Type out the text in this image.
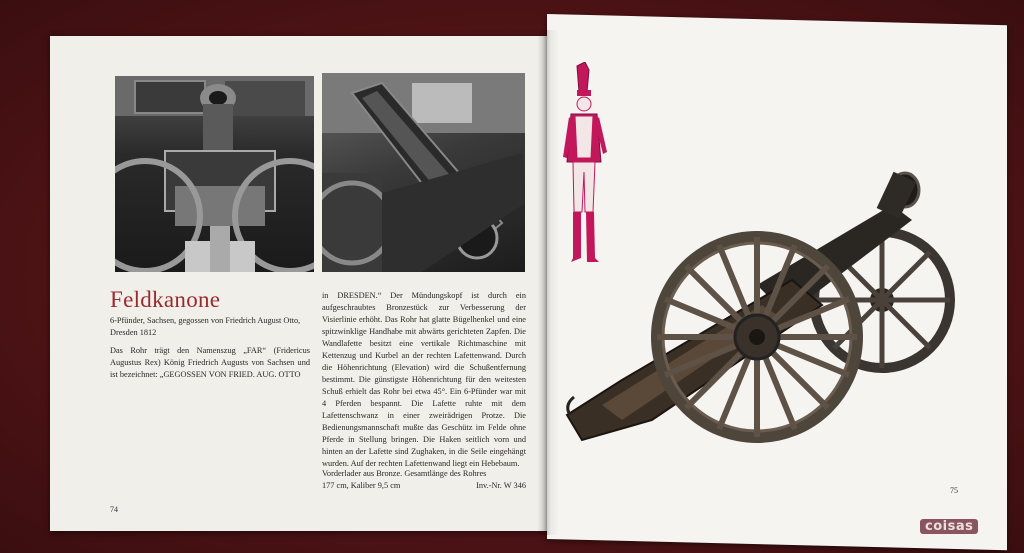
Feldkanone
6-Pfünder, Sachsen, gegossen von Friedrich August Otto, Dresden 1812
Das Rohr trägt den Namenszug „FAR“ (Fridericus Augustus Rex) König Friedrich Augusts von Sachsen und ist bezeichnet: „GEGOSSEN VON FRIED. AUG. OTTO
in DRESDEN.“ Der Mündungskopf ist durch ein aufgeschraubtes Bronzestück zur Verbesserung der Visierlinie erhöht. Das Rohr hat glatte Bügelhenkel und eine spitzwinklige Handhabe mit abwärts gerichteten Zapfen. Die Wandlafette besitzt eine vertikale Richtmaschine mit Kettenzug und Kurbel an der rechten Lafettenwand. Durch die Höhenrichtung (Elevation) wird die Schußentfernung bestimmt. Die günstigste Höhenrichtung für den weitesten Schuß erhielt das Rohr bei etwa 45°. Ein 6-Pfünder war mit 4 Pferden bespannt. Die Lafette ruhte mit dem Lafettenschwanz in einer zweirädrigen Protze. Die Bedienungsmannschaft mußte das Geschütz im Felde ohne Pferde in Stellung bringen. Die Haken seitlich vorn und hinten an der Lafette sind Zughaken, in die Seile eingehängt wurden. Auf der rechten Lafettenwand liegt ein Hebebaum.
Vorderlader aus Bronze. Gesamtlänge des Rohres
177 cm, Kaliber 9,5 cm	Inv.-Nr. W 346
74
75
coisas
